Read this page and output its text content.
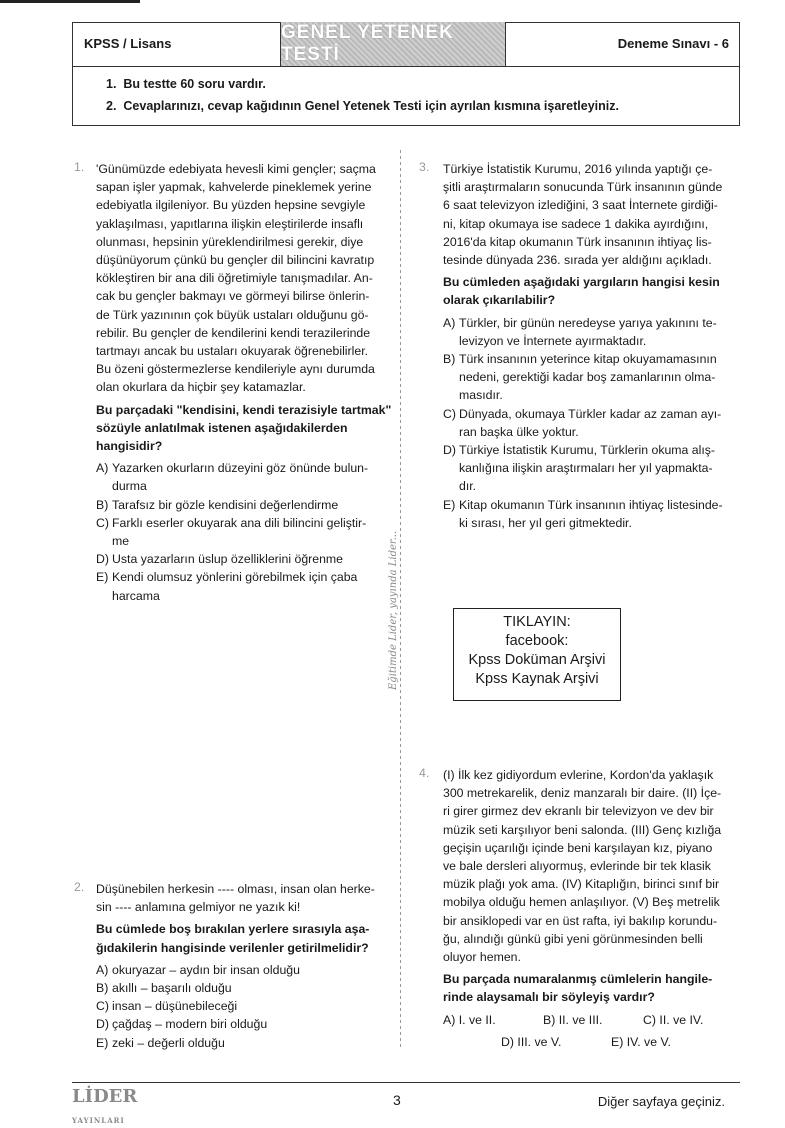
KPSS / Lisans
GENEL YETENEK TESTİ
Deneme Sınavı - 6
1. Bu testte 60 soru vardır.
2. Cevaplarınızı, cevap kağıdının Genel Yetenek Testi için ayrılan kısmına işaretleyiniz.
1. 'Günümüzde edebiyata hevesli kimi gençler; saçma
sapan işler yapmak, kahvelerde pineklemek yerine
edebiyatla ilgileniyor. Bu yüzden hepsine sevgiyle
yaklaşılması, yapıtlarına ilişkin eleştirilerde insaflı
olunması, hepsinin yüreklendirilmesi gerekir, diye
düşünüyorum çünkü bu gençler dil bilincini kavratıp
kökleştiren bir ana dili öğretimiyle tanışmadılar. An-
cak bu gençler bakmayı ve görmeyi bilirse önlerin-
de Türk yazınının çok büyük ustaları olduğunu gö-
rebilir. Bu gençler de kendilerini kendi terazilerinde
tartmayı ancak bu ustaları okuyarak öğrenebilirler.
Bu özeni göstermezlerse kendileriyle aynı durumda
olan okurlara da hiçbir şey katamazlar.
Bu parçadaki "kendisini, kendi terazisiyle tartmak"
sözüyle anlatılmak istenen aşağıdakilerden
hangisidir?
A) Yazarken okurların düzeyini göz önünde bulun-
durma
B) Tarafsız bir gözle kendisini değerlendirme
C) Farklı eserler okuyarak ana dili bilincini geliştir-
me
D) Usta yazarların üslup özelliklerini öğrenme
E) Kendi olumsuz yönlerini görebilmek için çaba
harcama
2. Düşünebilen herkesin ---- olması, insan olan herke-
sin ---- anlamına gelmiyor ne yazık ki!
Bu cümlede boş bırakılan yerlere sırasıyla aşa-
ğıdakilerin hangisinde verilenler getirilmelidir?
A) okuryazar – aydın bir insan olduğu
B) akıllı – başarılı olduğu
C) insan – düşünebileceği
D) çağdaş – modern biri olduğu
E) zeki – değerli olduğu
Eğitimde Lider, yayında Lider...
3. Türkiye İstatistik Kurumu, 2016 yılında yaptığı çe-
şitli araştırmaların sonucunda Türk insanının günde
6 saat televizyon izlediğini, 3 saat İnternete girdiği-
ni, kitap okumaya ise sadece 1 dakika ayırdığını,
2016'da kitap okumanın Türk insanının ihtiyaç lis-
tesinde dünyada 236. sırada yer aldığını açıkladı.
Bu cümleden aşağıdaki yargıların hangisi kesin
olarak çıkarılabilir?
A) Türkler, bir günün neredeyse yarıya yakınını te-
levizyon ve İnternete ayırmaktadır.
B) Türk insanının yeterince kitap okuyamamasının
nedeni, gerektiği kadar boş zamanlarının olma-
masıdır.
C) Dünyada, okumaya Türkler kadar az zaman ayı-
ran başka ülke yoktur.
D) Türkiye İstatistik Kurumu, Türklerin okuma alış-
kanlığına ilişkin araştırmaları her yıl yapmakta-
dır.
E) Kitap okumanın Türk insanının ihtiyaç listesinde-
ki sırası, her yıl geri gitmektedir.
TIKLAYIN:
facebook:
Kpss Doküman Arşivi
Kpss Kaynak Arşivi
4. (I) İlk kez gidiyordum evlerine, Kordon'da yaklaşık
300 metrekarelik, deniz manzaralı bir daire. (II) İçe-
ri girer girmez dev ekranlı bir televizyon ve dev bir
müzik seti karşılıyor beni salonda. (III) Genç kızlığa
geçişin uçarılığı içinde beni karşılayan kız, piyano
ve bale dersleri alıyormuş, evlerinde bir tek klasik
müzik plağı yok ama. (IV) Kitaplığın, birinci sınıf bir
mobilya olduğu hemen anlaşılıyor. (V) Beş metrelik
bir ansiklopedi var en üst rafta, iyi bakılıp korundu-
ğu, alındığı günkü gibi yeni görünmesinden belli
oluyor hemen.
Bu parçada numaralanmış cümlelerin hangile-
rinde alaysamalı bir söyleyiş vardır?
A) I. ve II.	B) II. ve III.	C) II. ve IV.
D) III. ve V.	E) IV. ve V.
LİDER YAYINLARI
3	Diğer sayfaya geçiniz.
